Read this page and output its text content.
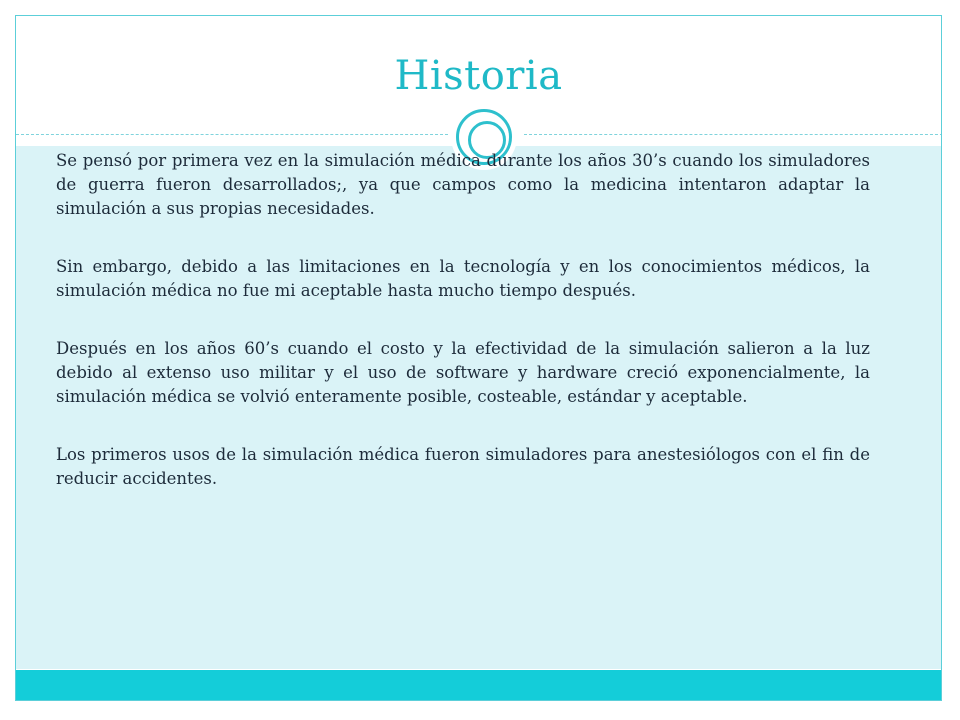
Historia

Se pensó por primera vez en la simulación médica durante los años 30’s cuando los simuladores de guerra fueron desarrollados;, ya que campos como la medicina intentaron adaptar la simulación a sus propias necesidades.

Sin embargo, debido a las limitaciones en la tecnología y en los conocimientos médicos, la simulación médica no fue mi aceptable hasta mucho tiempo después.

Después en los años 60’s cuando el costo y la efectividad de la simulación salieron a la luz debido al extenso uso militar y el uso de software y hardware creció exponencialmente, la simulación médica se volvió enteramente posible, costeable, estándar y aceptable.

Los primeros usos de la simulación médica fueron simuladores para anestesiólogos con el fin de reducir accidentes.
